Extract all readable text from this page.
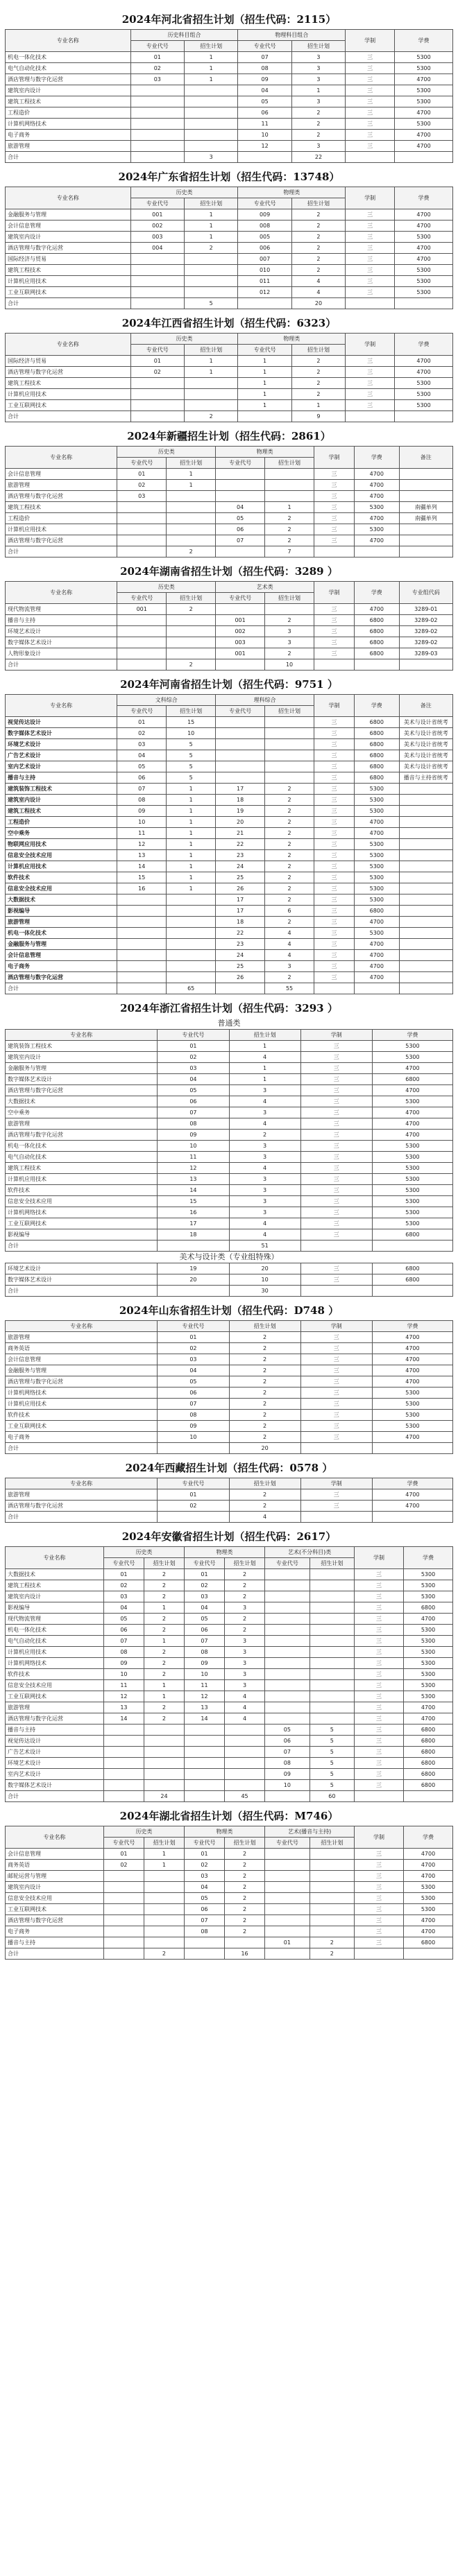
2024年河北省招生计划（招生代码：2115）
专业名称	历史科目组合		物理科目组合		学制	学费
	专业代号	招生计划	专业代号	招生计划		
机电一体化技术	01	1	07	3	三	5300
电气自动化技术	02	1	08	3	三	5300
酒店管理与数字化运营	03	1	09	3	三	4700
建筑室内设计			04	1	三	5300
建筑工程技术			05	3	三	5300
工程造价			06	2	三	4700
计算机网络技术			11	2	三	5300
电子商务			10	2	三	4700
旅游管理			12	3	三	4700
合计		3		22		
2024年广东省招生计划（招生代码：13748）
专业名称	历史类		物理类		学制	学费
	专业代号	招生计划	专业代号	招生计划		
金融服务与管理	001	1	009	2	三	4700
会计信息管理	002	1	008	2	三	4700
建筑室内设计	003	1	005	2	三	5300
酒店管理与数字化运营	004	2	006	2	三	4700
国际经济与贸易			007	2	三	4700
建筑工程技术			010	2	三	5300
计算机应用技术			011	4	三	5300
工业互联网技术			012	4	三	5300
合计		5		20		
2024年江西省招生计划（招生代码：6323）
专业名称	历史类		物理类		学制	学费
	专业代号	招生计划	专业代号	招生计划		
国际经济与贸易	01	1	1	2	三	4700
酒店管理与数字化运营	02	1	1	2	三	4700
建筑工程技术			1	2	三	5300
计算机应用技术			1	2	三	5300
工业互联网技术			1	1	三	5300
合计		2		9		
2024年新疆招生计划（招生代码：2861）
专业名称	历史类		物理类		学制	学费	备注
	专业代号	招生计划	专业代号	招生计划			
会计信息管理	01	1			三	4700	
旅游管理	02	1			三	4700	
酒店管理与数字化运营	03				三	4700	
建筑工程技术			04	1	三	5300	南疆单列
工程造价			05	2	三	4700	南疆单列
计算机应用技术			06	2	三	5300	
酒店管理与数字化运营			07	2	三	4700	
合计		2		7			
2024年湖南省招生计划（招生代码：3289 ）
专业名称	历史类		艺术类		学制	学费	专业组代码
	专业代号	招生计划	专业代号	招生计划			
现代物流管理	001	2			三	4700	3289-01
播音与主持			001	2	三	6800	3289-02
环境艺术设计			002	3	三	6800	3289-02
数字媒体艺术设计			003	3	三	6800	3289-02
人物形象设计			001	2	三	6800	3289-03
合计		2		10			
2024年河南省招生计划（招生代码：9751 ）
专业名称	文科综合		理科综合		学制	学费	备注
	专业代号	招生计划	专业代号	招生计划			
视觉传达设计	01	15			三	6800	美术与设计省统考
数字媒体艺术设计	02	10			三	6800	美术与设计省统考
环境艺术设计	03	5			三	6800	美术与设计省统考
广告艺术设计	04	5			三	6800	美术与设计省统考
室内艺术设计	05	5			三	6800	美术与设计省统考
播音与主持	06	5			三	6800	播音与主持省统考
建筑装饰工程技术	07	1	17	2	三	5300	
建筑室内设计	08	1	18	2	三	5300	
建筑工程技术	09	1	19	2	三	5300	
工程造价	10	1	20	2	三	4700	
空中乘务	11	1	21	2	三	4700	
物联网应用技术	12	1	22	2	三	5300	
信息安全技术应用	13	1	23	2	三	5300	
计算机应用技术	14	1	24	2	三	5300	
软件技术	15	1	25	2	三	5300	
信息安全技术应用	16	1	26	2	三	5300	
大数据技术			17	2	三	5300	
影视编导			17	6	三	6800	
旅游管理			18	2	三	4700	
机电一体化技术			22	4	三	5300	
金融服务与管理			23	4	三	4700	
会计信息管理			24	4	三	4700	
电子商务			25	3	三	4700	
酒店管理与数字化运营			26	2	三	4700	
合计		65		55			
2024年浙江省招生计划（招生代码：3293 ）
普通类
专业名称	专业代号	招生计划	学制	学费
建筑装饰工程技术	01	1	三	5300
建筑室内设计	02	4	三	5300
金融服务与管理	03	1	三	4700
数字媒体艺术设计	04	1	三	6800
酒店管理与数字化运营	05	3	三	4700
大数据技术	06	4	三	5300
空中乘务	07	3	三	4700
旅游管理	08	4	三	4700
酒店管理与数字化运营	09	2	三	4700
机电一体化技术	10	3	三	5300
电气自动化技术	11	3	三	5300
建筑工程技术	12	4	三	5300
计算机应用技术	13	3	三	5300
软件技术	14	3	三	5300
信息安全技术应用	15	3	三	5300
计算机网络技术	16	3	三	5300
工业互联网技术	17	4	三	5300
影视编导	18	4	三	6800
合计		51		
美术与设计类（专业组特殊）
环境艺术设计	19	20	三	6800
数字媒体艺术设计	20	10	三	6800
合计		30		
2024年山东省招生计划（招生代码：D748 ）
专业名称	专业代号	招生计划	学制	学费
旅游管理	01	2	三	4700
商务英语	02	2	三	4700
会计信息管理	03	2	三	4700
金融服务与管理	04	2	三	4700
酒店管理与数字化运营	05	2	三	4700
计算机网络技术	06	2	三	5300
计算机应用技术	07	2	三	5300
软件技术	08	2	三	5300
工业互联网技术	09	2	三	5300
电子商务	10	2	三	4700
合计		20		
2024年西藏招生计划（招生代码：0578 ）
专业名称	专业代号	招生计划	学制	学费
旅游管理	01	2	三	4700
酒店管理与数字化运营	02	2	三	4700
合计		4		
2024年安徽省招生计划（招生代码：2617）
专业名称	历史类		物理类		艺术(不分科目)类		学制	学费
	专业代号	招生计划	专业代号	招生计划	专业代号	招生计划		
大数据技术	01	2	01	2			三	5300
建筑工程技术	02	2	02	2			三	5300
建筑室内设计	03	2	03	2			三	5300
影视编导	04	1	04	3			三	6800
现代物流管理	05	2	05	2			三	4700
机电一体化技术	06	2	06	2			三	5300
电气自动化技术	07	1	07	3			三	5300
计算机应用技术	08	2	08	3			三	5300
计算机网络技术	09	2	09	3			三	5300
软件技术	10	2	10	3			三	5300
信息安全技术应用	11	1	11	3			三	5300
工业互联网技术	12	1	12	4			三	5300
旅游管理	13	2	13	4			三	4700
酒店管理与数字化运营	14	2	14	4			三	4700
播音与主持					05	5	三	6800
视觉传达设计					06	5	三	6800
广告艺术设计					07	5	三	6800
环境艺术设计					08	5	三	6800
室内艺术设计					09	5	三	6800
数字媒体艺术设计					10	5	三	6800
合计		24		45		60		
2024年湖北省招生计划（招生代码：M746）
专业名称	历史类		物理类		艺术(播音与主持)		学制	学费
	专业代号	招生计划	专业代号	招生计划	专业代号	招生计划		
会计信息管理	01	1	01	2			三	4700
商务英语	02	1	02	2			三	4700
邮轮运营与管理			03	2			三	4700
建筑室内设计			04	2			三	5300
信息安全技术应用			05	2			三	5300
工业互联网技术			06	2			三	5300
酒店管理与数字化运营			07	2			三	4700
电子商务			08	2			三	4700
播音与主持					01	2	三	6800
合计		2		16		2		
